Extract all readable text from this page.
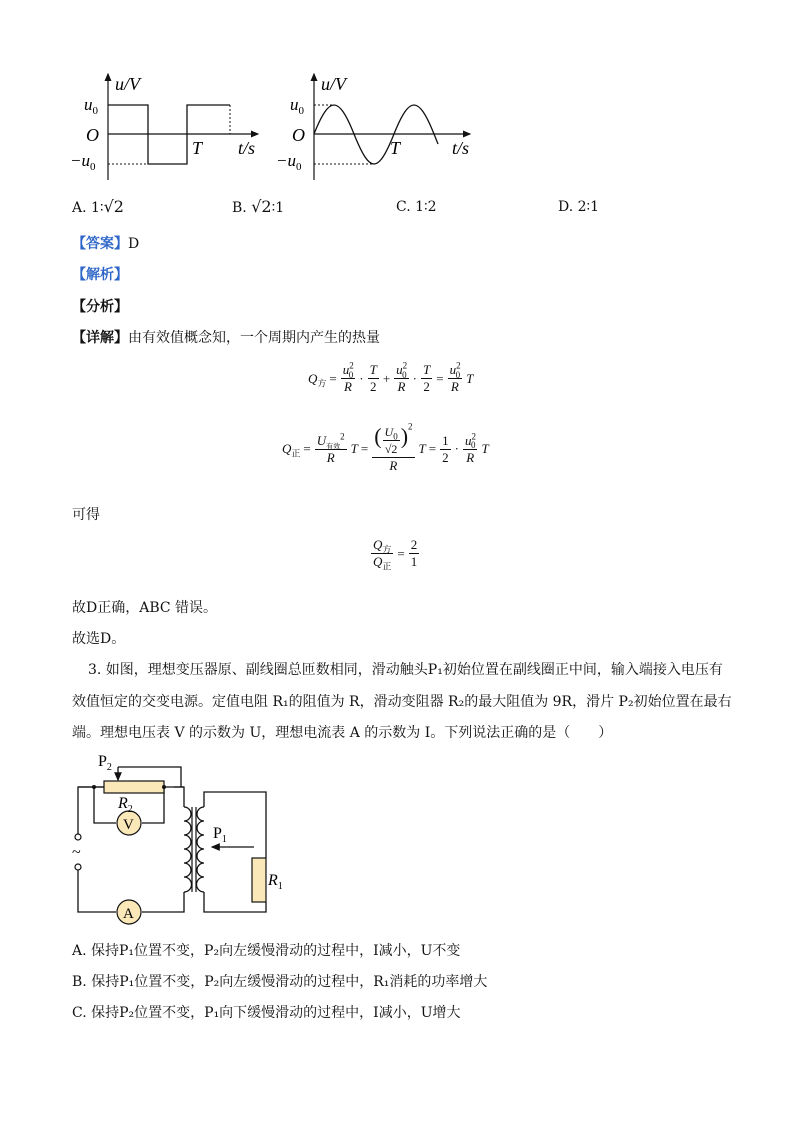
u/V
$u_0$
O
$-u_0$
T t/s
u/V
$u_0$
O
$-u_0$
T	t/s
A. 1∶√2	B. √2∶1	C. 1∶2	D. 2∶1
【答案】D
【解析】
【分析】
【详解】由有效值概念知，一个周期内产生的热量
$Q_方 = \frac{u^2_0}{R} \cdot \frac{T}{2} + \frac{u^2_0}{R} \cdot \frac{T}{2} = \frac{u^2_0}{R}$ T
$Q_正 = \frac{U_{有效}^2}{R}$ $T = \frac{( \frac{U_0}{√2} )^2}{R}$ $T = \frac{1}{2} \cdot \frac{u^2_0}{R}$ T
可得
$\frac{Q_方}{Q_正} = \frac{2}{1}$
故D正确，ABC 错误。
故选D。
3. 如图，理想变压器原、副线圈总匝数相同，滑动触头P₁初始位置在副线圈正中间，输入端接入电压有
效值恒定的交变电源。定值电阻 R₁的阻值为 R，滑动变阻器 R₂的最大阻值为 9R，滑片 P₂初始位置在最右
端。理想电压表 V 的示数为 U，理想电流表 A 的示数为 I。下列说法正确的是（　　）
$P_2$
$R_2$
V
~
$P_1$
$R_1$
A
A. 保持P₁位置不变，P₂向左缓慢滑动的过程中，I减小，U不变
B. 保持P₁位置不变，P₂向左缓慢滑动的过程中，R₁消耗的功率增大
C. 保持P₂位置不变，P₁向下缓慢滑动的过程中，I减小，U增大
